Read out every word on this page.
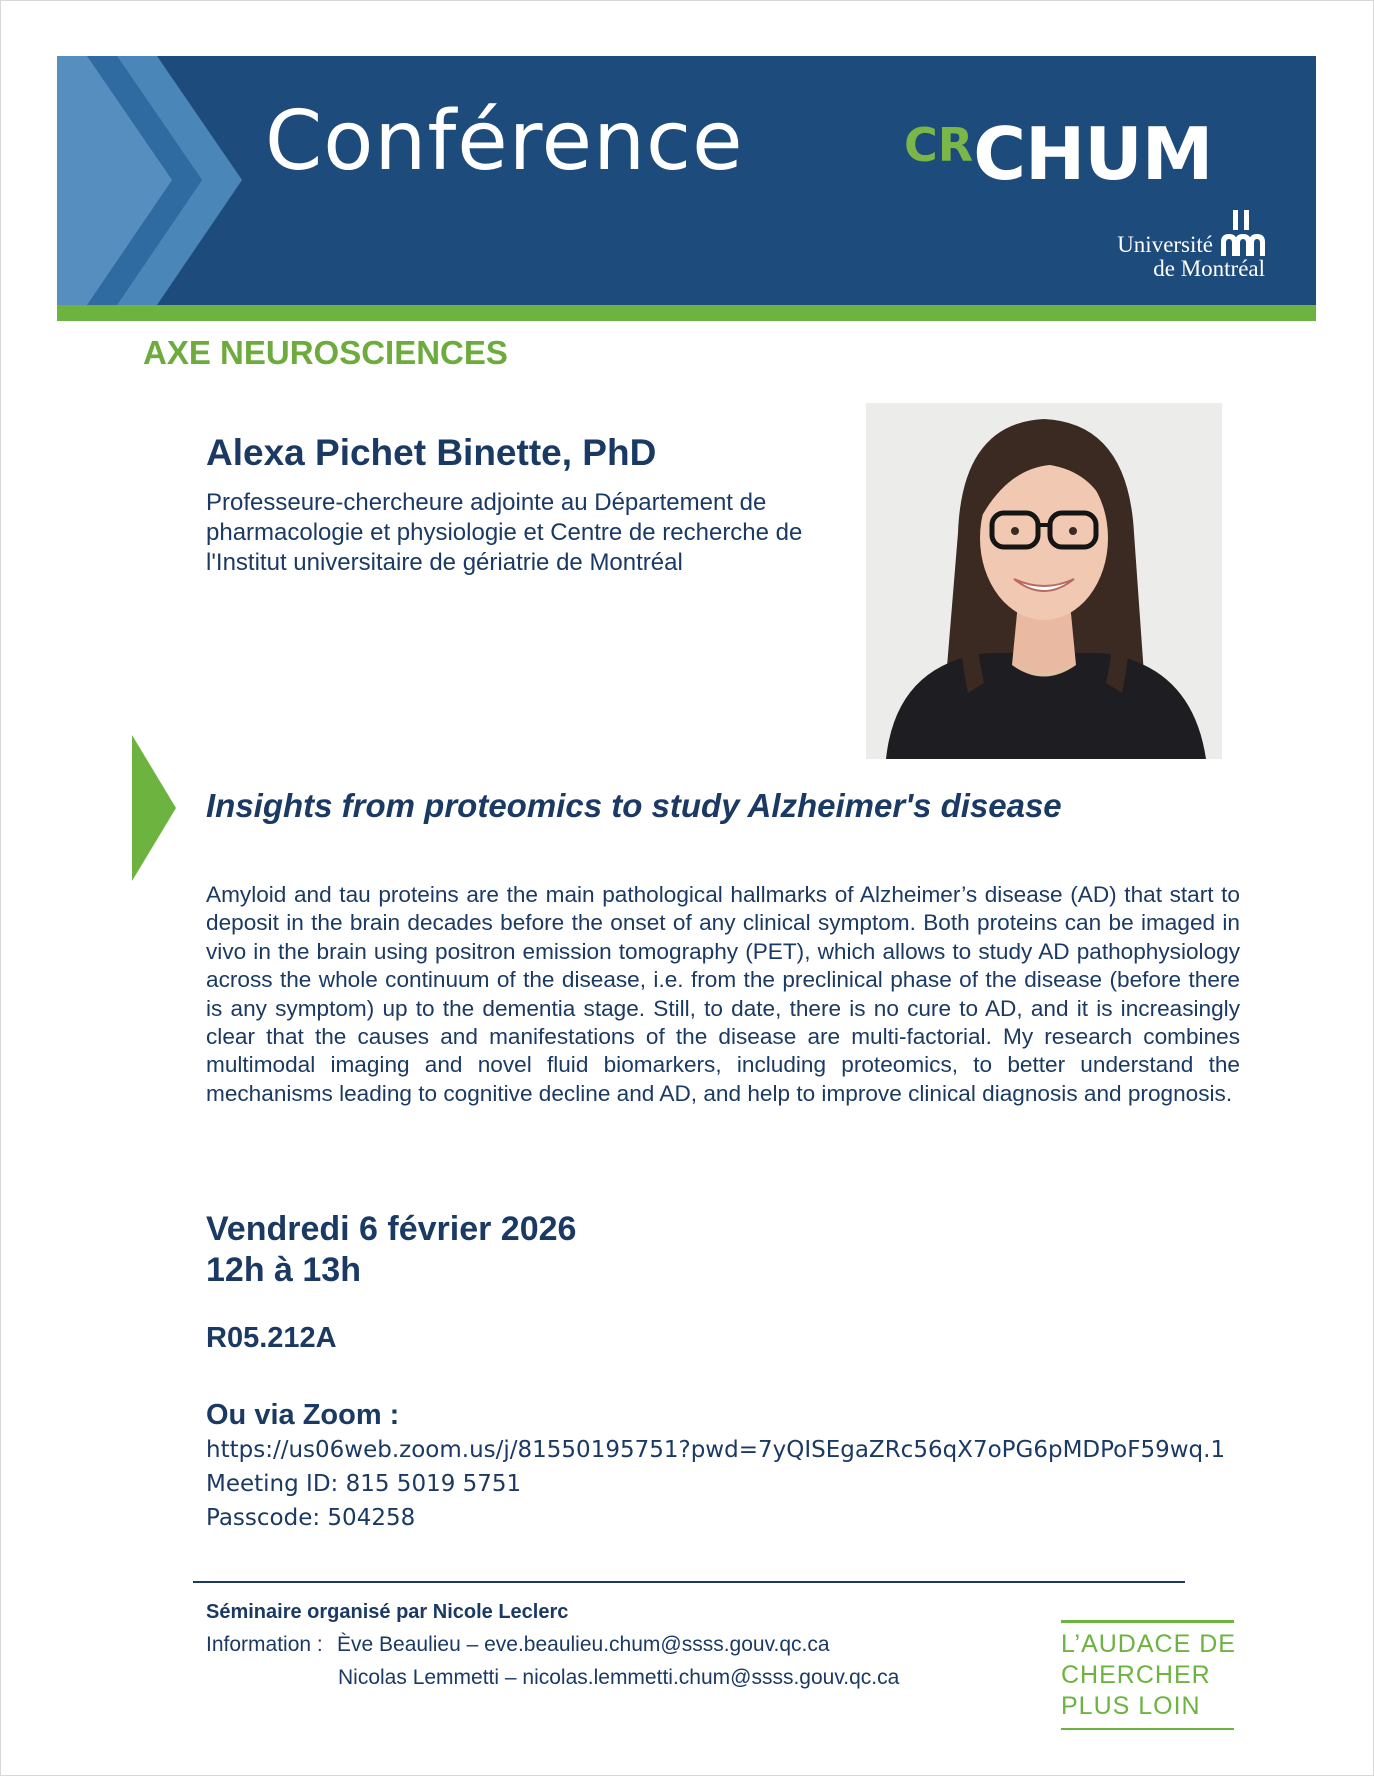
Conférence	CRCHUM
Université
de Montréal
AXE NEUROSCIENCES
Alexa Pichet Binette, PhD
Professeure-chercheure adjointe au Département de pharmacologie et physiologie et Centre de recherche de l'Institut universitaire de gériatrie de Montréal
Insights from proteomics to study Alzheimer's disease
Amyloid and tau proteins are the main pathological hallmarks of Alzheimer’s disease (AD) that start to deposit in the brain decades before the onset of any clinical symptom. Both proteins can be imaged in vivo in the brain using positron emission tomography (PET), which allows to study AD pathophysiology across the whole continuum of the disease, i.e. from the preclinical phase of the disease (before there is any symptom) up to the dementia stage. Still, to date, there is no cure to AD, and it is increasingly clear that the causes and manifestations of the disease are multi-factorial. My research combines multimodal imaging and novel fluid biomarkers, including proteomics, to better understand the mechanisms leading to cognitive decline and AD, and help to improve clinical diagnosis and prognosis.
Vendredi 6 février 2026
12h à 13h
R05.212A
Ou via Zoom :
https://us06web.zoom.us/j/81550195751?pwd=7yQISEgaZRc56qX7oPG6pMDPoF59wq.1
Meeting ID: 815 5019 5751
Passcode: 504258
Séminaire organisé par Nicole Leclerc
Information : Ève Beaulieu – eve.beaulieu.chum@ssss.gouv.qc.ca
Nicolas Lemmetti – nicolas.lemmetti.chum@ssss.gouv.qc.ca
L’AUDACE DE
CHERCHER
PLUS LOIN
